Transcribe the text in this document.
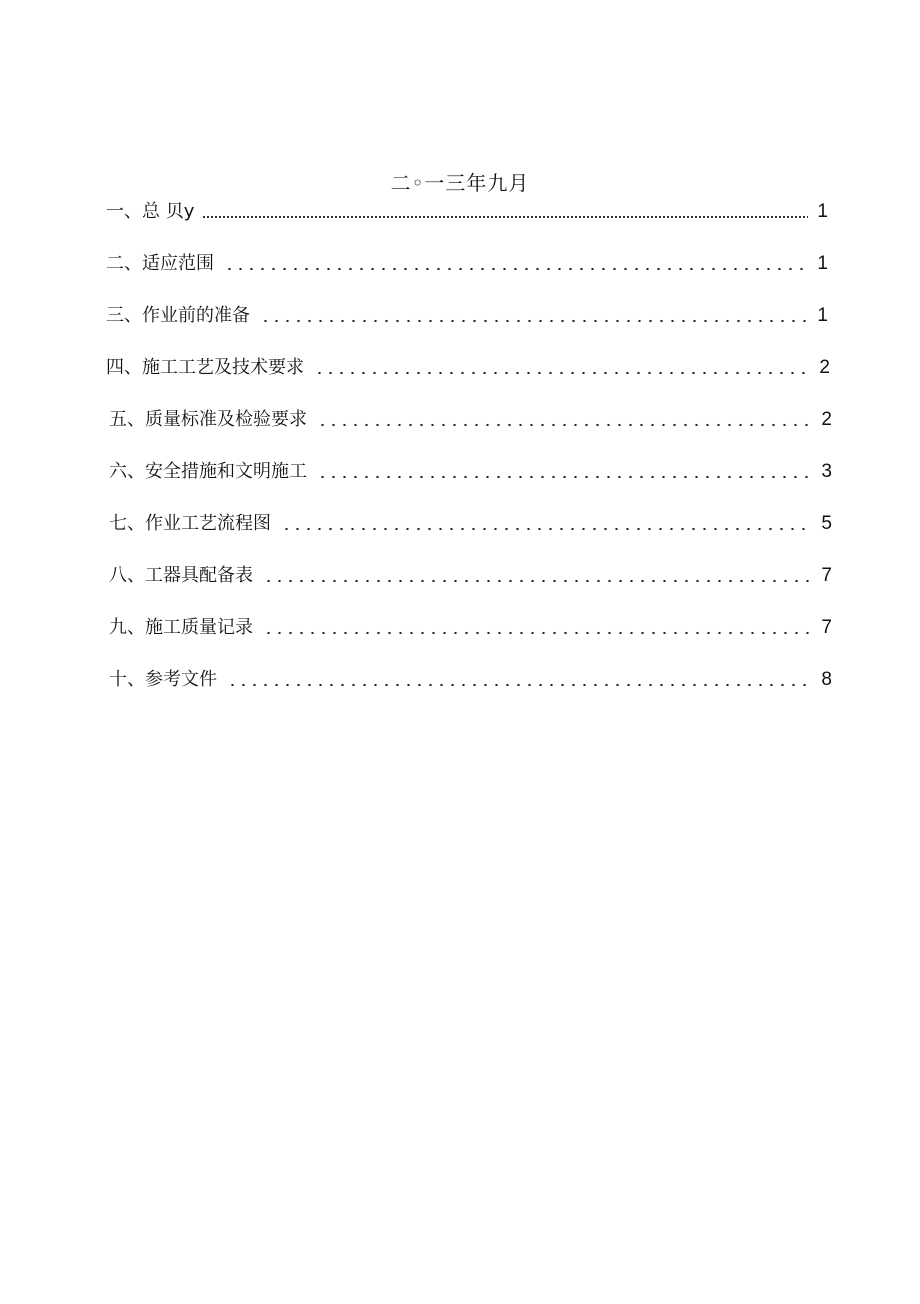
二◦一三年九月
一、总 贝y	1
二、适应范围	1
三、作业前的准备	1
四、施工工艺及技术要求	2
五、质量标准及检验要求	2
六、安全措施和文明施工	3
七、作业工艺流程图	5
八、工器具配备表	7
九、施工质量记录	7
十、参考文件	8
